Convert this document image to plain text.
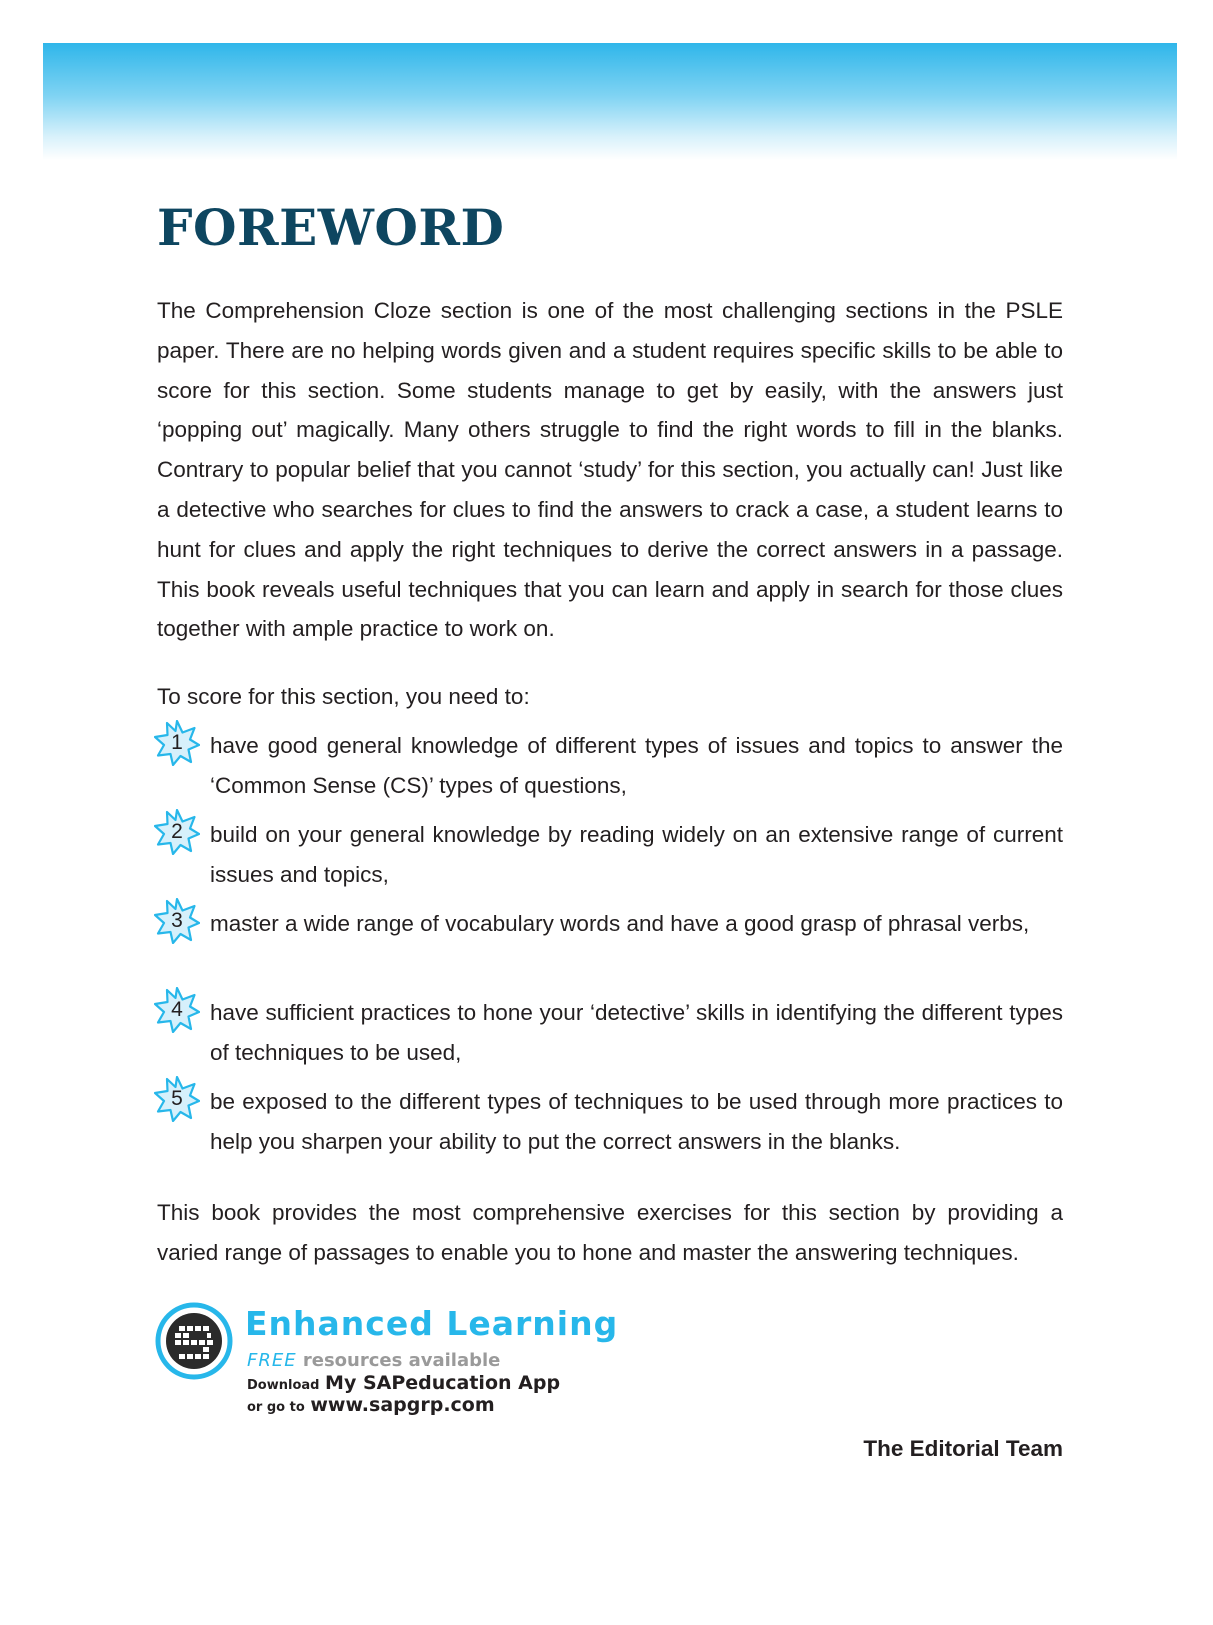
FOREWORD

The Comprehension Cloze section is one of the most challenging sections in the PSLE paper. There are no helping words given and a student requires specific skills to be able to score for this section. Some students manage to get by easily, with the answers just ‘popping out’ magically. Many others struggle to find the right words to fill in the blanks. Contrary to popular belief that you cannot ‘study’ for this section, you actually can! Just like a detective who searches for clues to find the answers to crack a case, a student learns to hunt for clues and apply the right techniques to derive the correct answers in a passage. This book reveals useful techniques that you can learn and apply in search for those clues together with ample practice to work on.

To score for this section, you need to:

1	have good general knowledge of different types of issues and topics to answer the ‘Common Sense (CS)’ types of questions,
2	build on your general knowledge by reading widely on an extensive range of current issues and topics,
3	master a wide range of vocabulary words and have a good grasp of phrasal verbs,
4	have sufficient practices to hone your ‘detective’ skills in identifying the different types of techniques to be used,
5	be exposed to the different types of techniques to be used through more practices to help you sharpen your ability to put the correct answers in the blanks.

This book provides the most comprehensive exercises for this section by providing a varied range of passages to enable you to hone and master the answering techniques.

Enhanced Learning

FREE resources available

Download My SAPeducation App

or go to www.sapgrp.com

The Editorial Team
